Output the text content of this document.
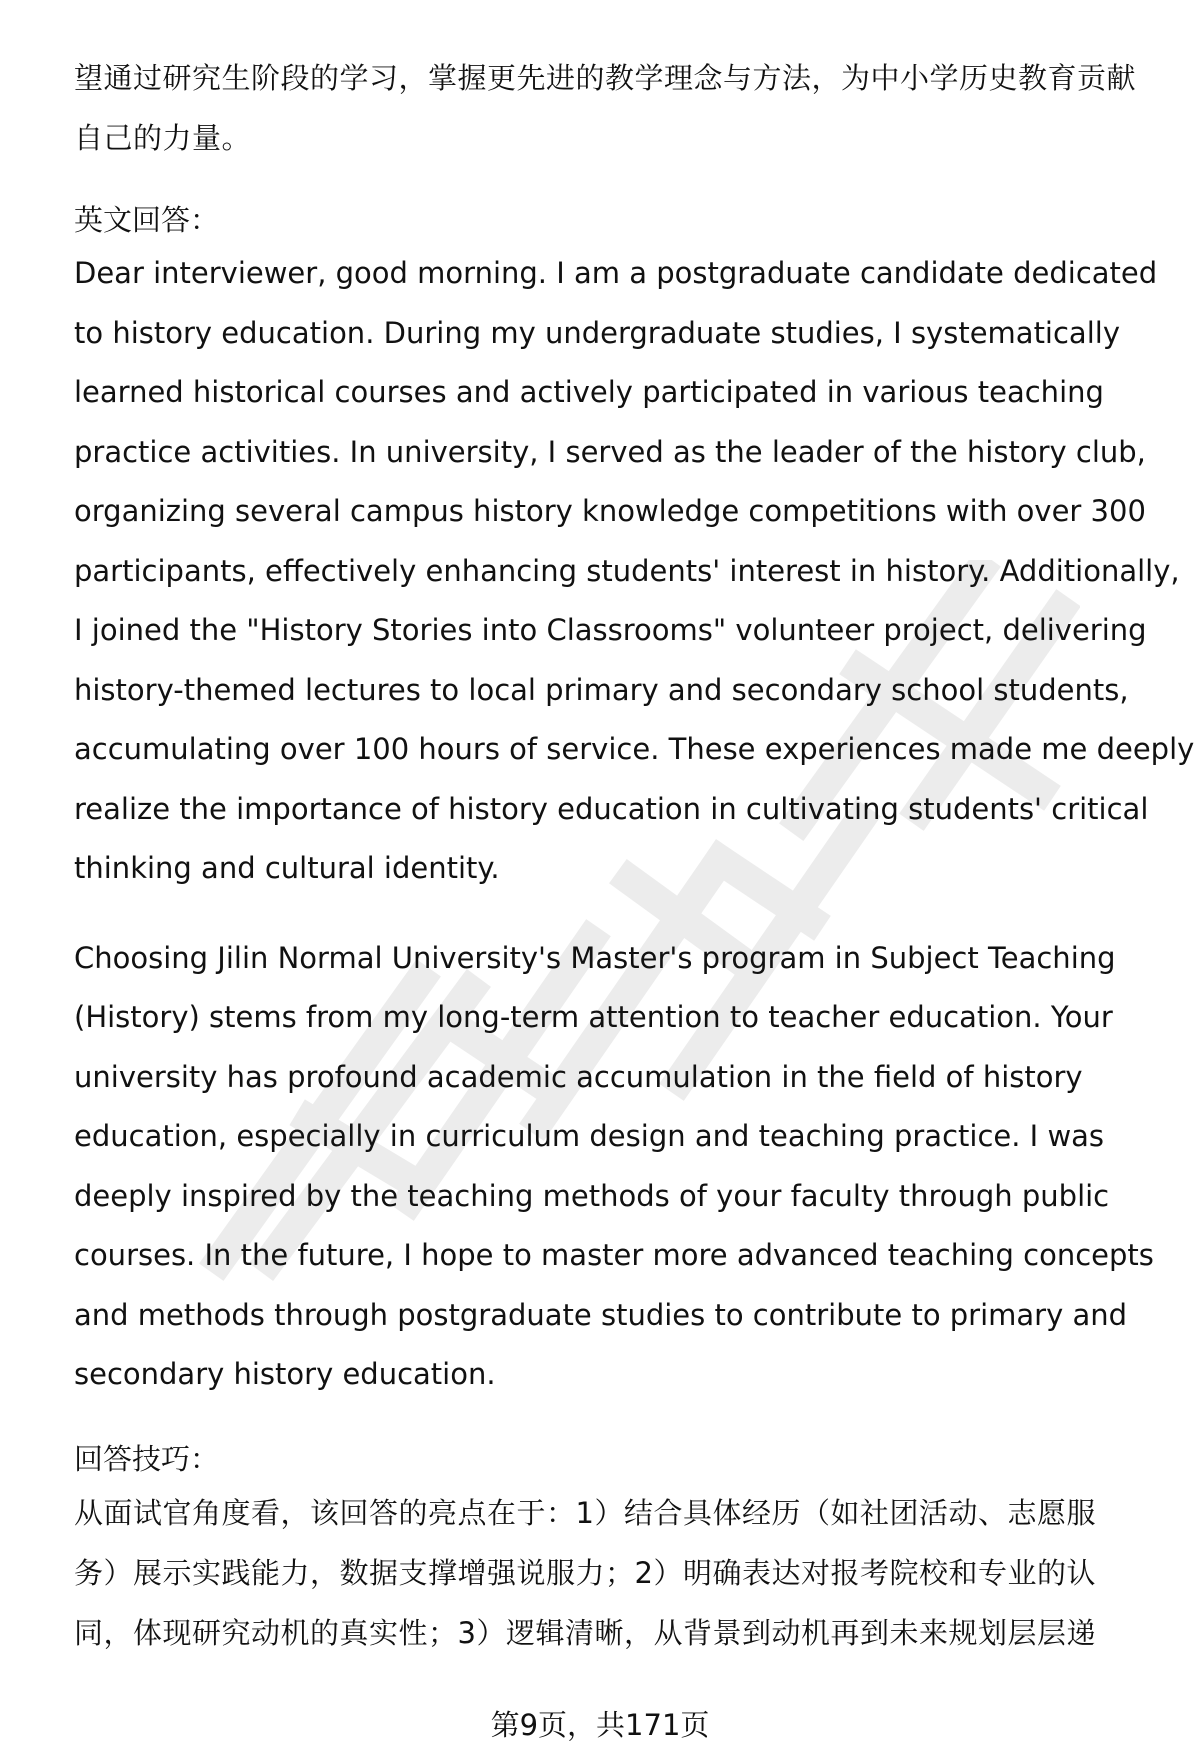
望通过研究生阶段的学习，掌握更先进的教学理念与方法，为中小学历史教育贡献
自己的力量。
英文回答：

Dear interviewer, good morning. I am a postgraduate candidate dedicated
to history education. During my undergraduate studies, I systematically
learned historical courses and actively participated in various teaching
practice activities. In university, I served as the leader of the history club,
organizing several campus history knowledge competitions with over 300
participants, effectively enhancing students' interest in history. Additionally,
I joined the "History Stories into Classrooms" volunteer project, delivering
history-themed lectures to local primary and secondary school students,
accumulating over 100 hours of service. These experiences made me deeply
realize the importance of history education in cultivating students' critical
thinking and cultural identity.

Choosing Jilin Normal University's Master's program in Subject Teaching
(History) stems from my long-term attention to teacher education. Your
university has profound academic accumulation in the field of history
education, especially in curriculum design and teaching practice. I was
deeply inspired by the teaching methods of your faculty through public
courses. In the future, I hope to master more advanced teaching concepts
and methods through postgraduate studies to contribute to primary and
secondary history education.

回答技巧：
从面试官角度看，该回答的亮点在于：1）结合具体经历（如社团活动、志愿服
务）展示实践能力，数据支撑增强说服力；2）明确表达对报考院校和专业的认
同，体现研究动机的真实性；3）逻辑清晰，从背景到动机再到未来规划层层递
第9页，共171页
